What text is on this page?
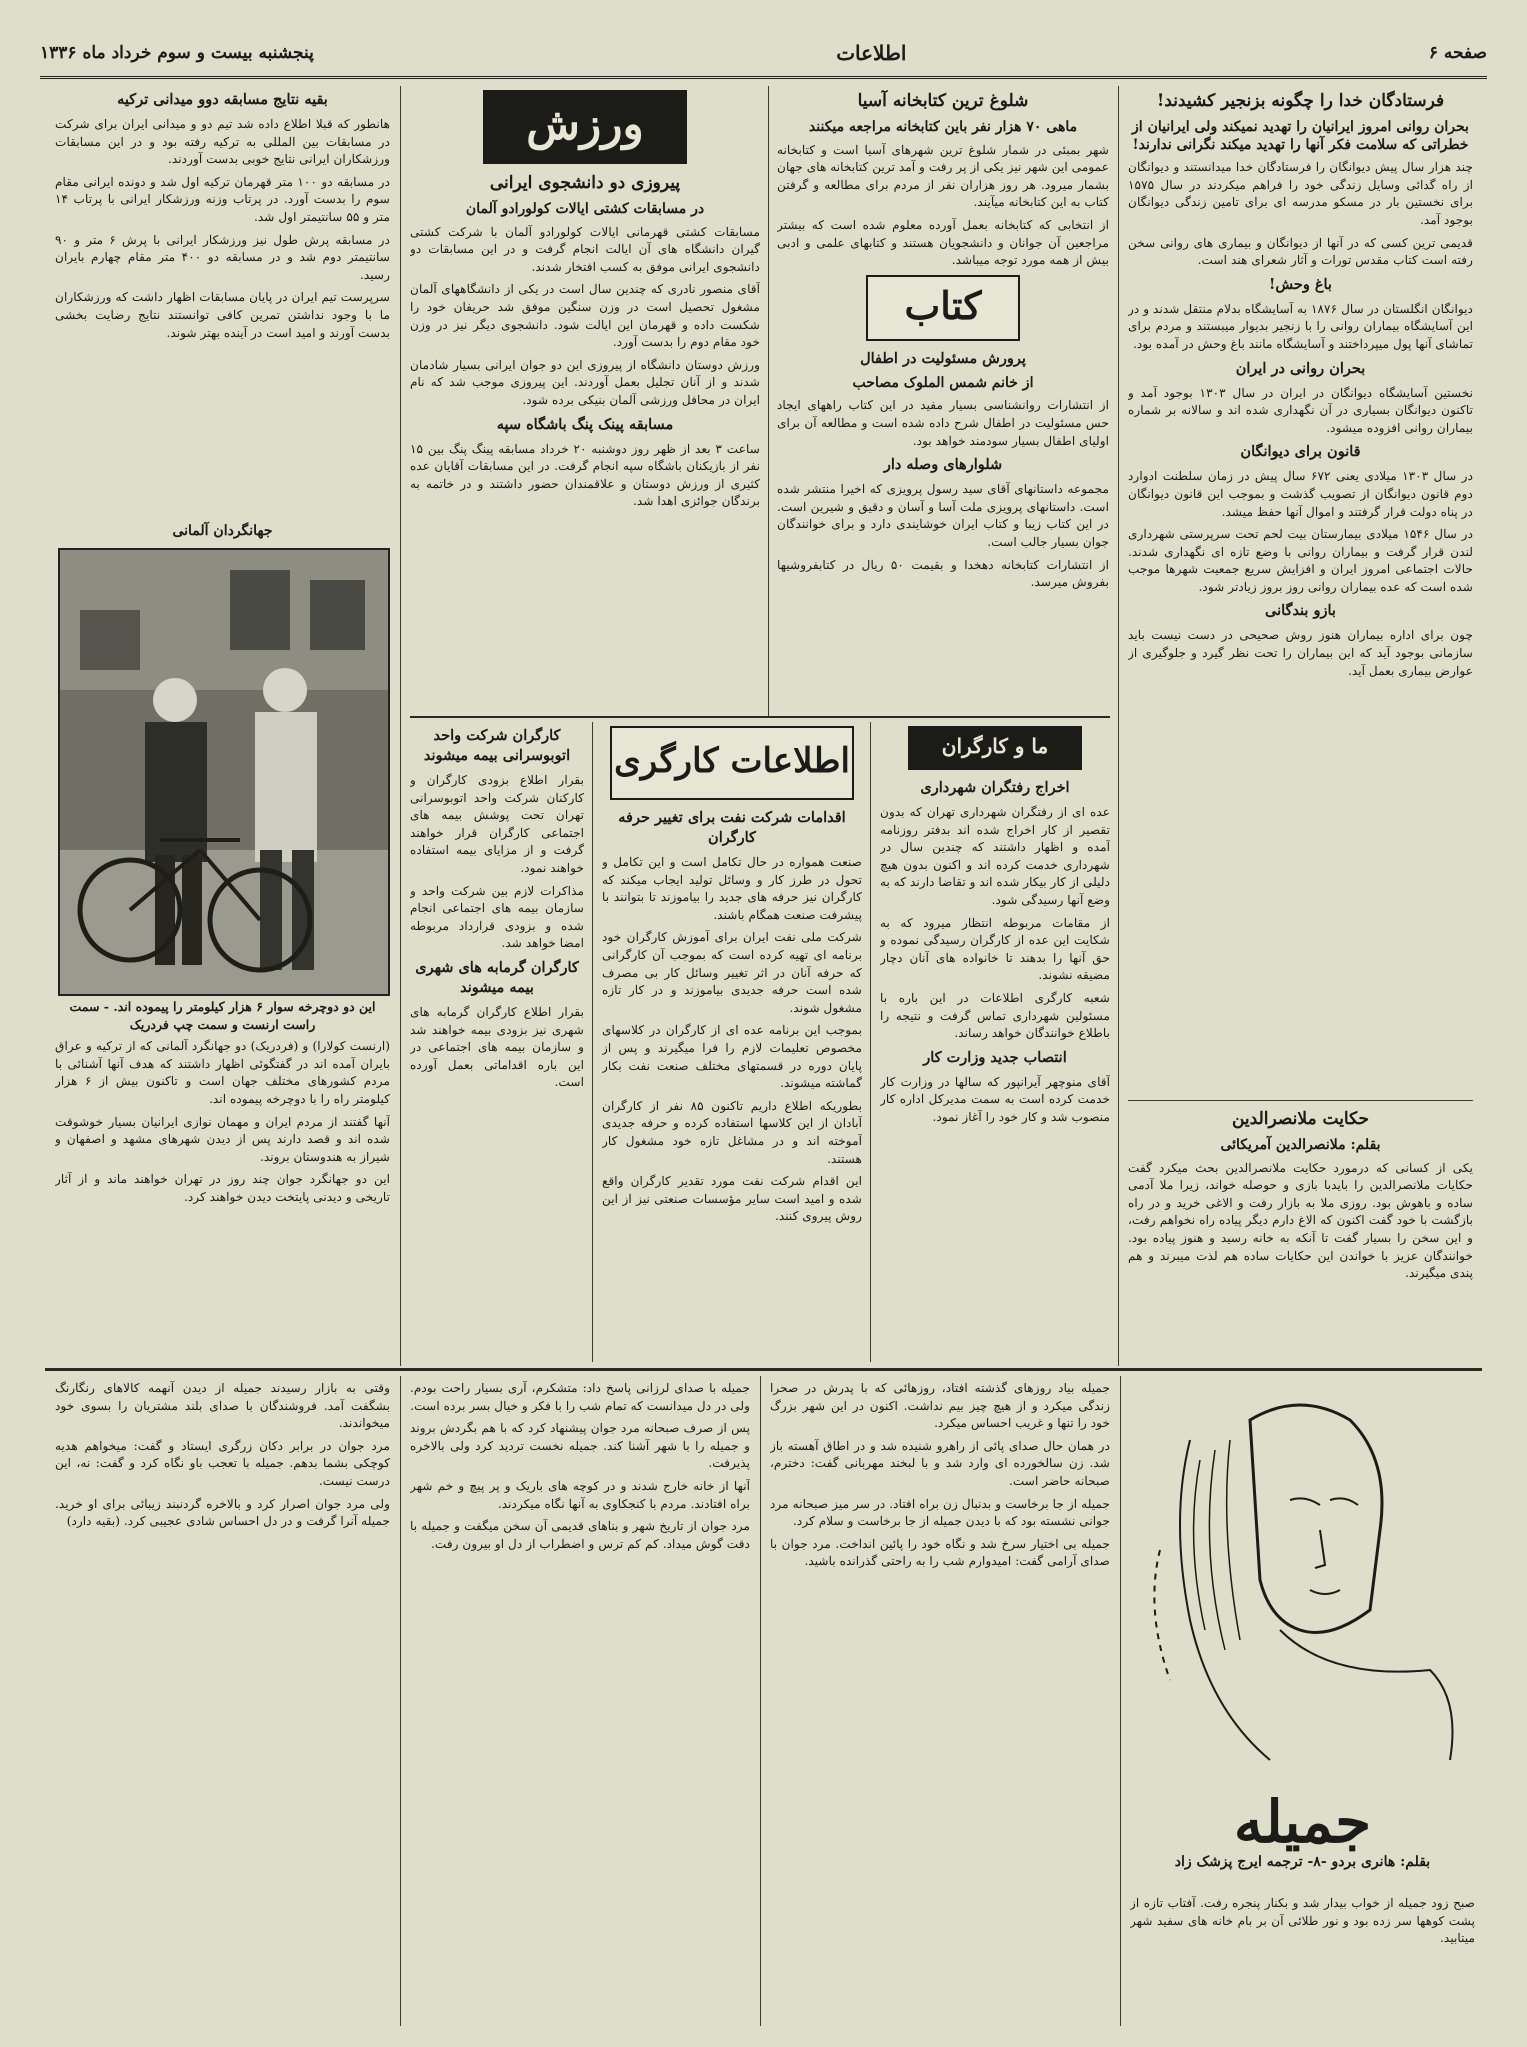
صفحه ۶
اطلاعات
پنجشنبه بیست و سوم خرداد ماه ۱۳۳۶
فرستادگان خدا را چگونه بزنجیر کشیدند!
بحران روانی امروز ایرانیان را تهدید نمیکند ولی ایرانیان از خطراتی که سلامت فکر آنها را تهدید میکند نگرانی ندارند!

چند هزار سال پیش دیوانگان را فرستادگان خدا میدانستند و دیوانگان از راه گدائی وسایل زندگی خود را فراهم میکردند در سال ۱۵۷۵ برای نخستین بار در مسکو مدرسه ای برای تامین زندگی دیوانگان بوجود آمد.

قدیمی ترین کسی که در آنها از دیوانگان و بیماری های روانی سخن رفته است کتاب مقدس تورات و آثار شعرای هند است.

باغ وحش!

دیوانگان انگلستان در سال ۱۸۷۶ به آسایشگاه بدلام منتقل شدند و در این آسایشگاه بیماران روانی را با زنجیر بدیوار میبستند و مردم برای تماشای آنها پول میپرداختند و آسایشگاه مانند باغ وحش در آمده بود.

بحران روانی در ایران

نخستین آسایشگاه دیوانگان در ایران در سال ۱۳۰۳ بوجود آمد و تاکنون دیوانگان بسیاری در آن نگهداری شده اند و سالانه بر شماره بیماران روانی افزوده میشود.

قانون برای دیوانگان

در سال ۱۳۰۳ میلادی یعنی ۶۷۲ سال پیش در زمان سلطنت ادوارد دوم قانون دیوانگان از تصویب گذشت و بموجب این قانون دیوانگان در پناه دولت قرار گرفتند و اموال آنها حفظ میشد.

در سال ۱۵۴۶ میلادی بیمارستان بیت لحم تحت سرپرستی شهرداری لندن قرار گرفت و بیماران روانی با وضع تازه ای نگهداری شدند. حالات اجتماعی امروز ایران و افزایش سریع جمعیت شهرها موجب شده است که عده بیماران روانی روز بروز زیادتر شود.

بازو بندگانی

چون برای اداره بیماران هنوز روش صحیحی در دست نیست باید سازمانی بوجود آید که این بیماران را تحت نظر گیرد و جلوگیری از عوارض بیماری بعمل آید.

حکایت ملانصرالدین
بقلم: ملانصرالدین آمریکائی

یکی از کسانی که درمورد حکایت ملانصرالدین بحث میکرد گفت حکایات ملانصرالدین را بایدبا بازی و حوصله خواند، زیرا ملا آدمی ساده و باهوش بود. روزی ملا به بازار رفت و الاغی خرید و در راه بازگشت با خود گفت اکنون که الاغ دارم دیگر پیاده راه نخواهم رفت، و این سخن را بسیار گفت تا آنکه به خانه رسید و هنوز پیاده بود. خوانندگان عزیز با خواندن این حکایات ساده هم لذت میبرند و هم پندی میگیرند.

شلوغ ترین کتابخانه آسیا
ماهی ۷۰ هزار نفر باین کتابخانه مراجعه میکنند

شهر بمبئی در شمار شلوغ ترین شهرهای آسیا است و کتابخانه عمومی این شهر نیز یکی از پر رفت و آمد ترین کتابخانه های جهان بشمار میرود. هر روز هزاران نفر از مردم برای مطالعه و گرفتن کتاب به این کتابخانه میآیند.

از انتخابی که کتابخانه بعمل آورده معلوم شده است که بیشتر مراجعین آن جوانان و دانشجویان هستند و کتابهای علمی و ادبی بیش از همه مورد توجه میباشد.

کتاب
پرورش مسئولیت در اطفال
از خانم شمس الملوک مصاحب

از انتشارات روانشناسی بسیار مفید در این کتاب راههای ایجاد حس مسئولیت در اطفال شرح داده شده است و مطالعه آن برای اولیای اطفال بسیار سودمند خواهد بود.

شلوارهای وصله دار

مجموعه داستانهای آقای سید رسول پرویزی که اخیرا منتشر شده است. داستانهای پرویزی ملت آسا و آسان و دقیق و شیرین است. در این کتاب زیبا و کتاب ایران خوشایندی دارد و برای خوانندگان جوان بسیار جالب است.

از انتشارات کتابخانه دهخدا و بقیمت ۵۰ ریال در کتابفروشیها بفروش میرسد.

ورزش
پیروزی دو دانشجوی ایرانی
در مسابقات کشتی ایالات کولورادو آلمان

مسابقات کشتی قهرمانی ایالات کولورادو آلمان با شرکت کشتی گیران دانشگاه های آن ایالت انجام گرفت و در این مسابقات دو دانشجوی ایرانی موفق به کسب افتخار شدند.

آقای منصور نادری که چندین سال است در یکی از دانشگاههای آلمان مشغول تحصیل است در وزن سنگین موفق شد حریفان خود را شکست داده و قهرمان این ایالت شود. دانشجوی دیگر نیز در وزن خود مقام دوم را بدست آورد.

ورزش دوستان دانشگاه از پیروزی این دو جوان ایرانی بسیار شادمان شدند و از آنان تجلیل بعمل آوردند. این پیروزی موجب شد که نام ایران در محافل ورزشی آلمان بنیکی برده شود.

مسابقه پینک پنگ باشگاه سپه

ساعت ۳ بعد از ظهر روز دوشنبه ۲۰ خرداد مسابقه پینگ پنگ بین ۱۵ نفر از بازیکنان باشگاه سپه انجام گرفت. در این مسابقات آقایان عده کثیری از ورزش دوستان و علاقمندان حضور داشتند و در خاتمه به برندگان جوائزی اهدا شد.

بقیه نتایج مسابقه دوو میدانی ترکیه

هانطور که قبلا اطلاع داده شد تیم دو و میدانی ایران برای شرکت در مسابقات بین المللی به ترکیه رفته بود و در این مسابقات ورزشکاران ایرانی نتایج خوبی بدست آوردند.

در مسابقه دو ۱۰۰ متر قهرمان ترکیه اول شد و دونده ایرانی مقام سوم را بدست آورد. در پرتاب وزنه ورزشکار ایرانی با پرتاب ۱۴ متر و ۵۵ سانتیمتر اول شد.

در مسابقه پرش طول نیز ورزشکار ایرانی با پرش ۶ متر و ۹۰ سانتیمتر دوم شد و در مسابقه دو ۴۰۰ متر مقام چهارم بایران رسید.

سرپرست تیم ایران در پایان مسابقات اظهار داشت که ورزشکاران ما با وجود نداشتن تمرین کافی توانستند نتایج رضایت بخشی بدست آورند و امید است در آینده بهتر شوند.

جهانگردان آلمانی
این دو دوچرخه سوار ۶ هزار کیلومتر را پیموده اند. - سمت راست ارنست و سمت چپ فردریک

(ارنست کولارا) و (فردریک) دو جهانگرد آلمانی که از ترکیه و عراق بایران آمده اند در گفتگوئی اظهار داشتند که هدف آنها آشنائی با مردم کشورهای مختلف جهان است و تاکنون بیش از ۶ هزار کیلومتر راه را با دوچرخه پیموده اند.

آنها گفتند از مردم ایران و مهمان نوازی ایرانیان بسیار خوشوقت شده اند و قصد دارند پس از دیدن شهرهای مشهد و اصفهان و شیراز به هندوستان بروند.

این دو جهانگرد جوان چند روز در تهران خواهند ماند و از آثار تاریخی و دیدنی پایتخت دیدن خواهند کرد.

ما و کارگران
اخراج رفتگران شهرداری

عده ای از رفتگران شهرداری تهران که بدون تقصیر از کار اخراج شده اند بدفتر روزنامه آمده و اظهار داشتند که چندین سال در شهرداری خدمت کرده اند و اکنون بدون هیچ دلیلی از کار بیکار شده اند و تقاضا دارند که به وضع آنها رسیدگی شود.

از مقامات مربوطه انتظار میرود که به شکایت این عده از کارگران رسیدگی نموده و حق آنها را بدهند تا خانواده های آنان دچار مضیقه نشوند.

شعبه کارگری اطلاعات در این باره با مسئولین شهرداری تماس گرفت و نتیجه را باطلاع خوانندگان خواهد رساند.

انتصاب جدید وزارت کار

آقای منوچهر آیرانپور که سالها در وزارت کار خدمت کرده است به سمت مدیرکل اداره کار منصوب شد و کار خود را آغاز نمود.

اطلاعات کارگری
اقدامات شرکت نفت برای تغییر حرفه کارگران

صنعت همواره در حال تکامل است و این تکامل و تحول در طرز کار و وسائل تولید ایجاب میکند که کارگران نیز حرفه های جدید را بیاموزند تا بتوانند با پیشرفت صنعت همگام باشند.

شرکت ملی نفت ایران برای آموزش کارگران خود برنامه ای تهیه کرده است که بموجب آن کارگرانی که حرفه آنان در اثر تغییر وسائل کار بی مصرف شده است حرفه جدیدی بیاموزند و در کار تازه مشغول شوند.

بموجب این برنامه عده ای از کارگران در کلاسهای مخصوص تعلیمات لازم را فرا میگیرند و پس از پایان دوره در قسمتهای مختلف صنعت نفت بکار گماشته میشوند.

بطوریکه اطلاع داریم تاکنون ۸۵ نفر از کارگران آبادان از این کلاسها استفاده کرده و حرفه جدیدی آموخته اند و در مشاغل تازه خود مشغول کار هستند.

این اقدام شرکت نفت مورد تقدیر کارگران واقع شده و امید است سایر مؤسسات صنعتی نیز از این روش پیروی کنند.

کارگران شرکت واحد اتوبوسرانی بیمه میشوند

بقرار اطلاع بزودی کارگران و کارکنان شرکت واحد اتوبوسرانی تهران تحت پوشش بیمه های اجتماعی کارگران قرار خواهند گرفت و از مزایای بیمه استفاده خواهند نمود.

مذاکرات لازم بین شرکت واحد و سازمان بیمه های اجتماعی انجام شده و بزودی قرارداد مربوطه امضا خواهد شد.

کارگران گرمابه های شهری بیمه میشوند

بقرار اطلاع کارگران گرمابه های شهری نیز بزودی بیمه خواهند شد و سازمان بیمه های اجتماعی در این باره اقداماتی بعمل آورده است.

جمیله
بقلم: هانری بردو -۸- ترجمه ایرج پزشک زاد

صبح زود جمیله از خواب بیدار شد و بکنار پنجره رفت. آفتاب تازه از پشت کوهها سر زده بود و نور طلائی آن بر بام خانه های سفید شهر میتابید.

جمیله بیاد روزهای گذشته افتاد، روزهائی که با پدرش در صحرا زندگی میکرد و از هیچ چیز بیم نداشت. اکنون در این شهر بزرگ خود را تنها و غریب احساس میکرد.

در همان حال صدای پائی از راهرو شنیده شد و در اطاق آهسته باز شد. زن سالخورده ای وارد شد و با لبخند مهربانی گفت: دخترم، صبحانه حاضر است.

جمیله از جا برخاست و بدنبال زن براه افتاد. در سر میز صبحانه مرد جوانی نشسته بود که با دیدن جمیله از جا برخاست و سلام کرد.

جمیله بی اختیار سرخ شد و نگاه خود را پائین انداخت. مرد جوان با صدای آرامی گفت: امیدوارم شب را به راحتی گذرانده باشید.

جمیله با صدای لرزانی پاسخ داد: متشکرم، آری بسیار راحت بودم. ولی در دل میدانست که تمام شب را با فکر و خیال بسر برده است.

پس از صرف صبحانه مرد جوان پیشنهاد کرد که با هم بگردش بروند و جمیله را با شهر آشنا کند. جمیله نخست تردید کرد ولی بالاخره پذیرفت.

آنها از خانه خارج شدند و در کوچه های باریک و پر پیچ و خم شهر براه افتادند. مردم با کنجکاوی به آنها نگاه میکردند.

مرد جوان از تاریخ شهر و بناهای قدیمی آن سخن میگفت و جمیله با دقت گوش میداد. کم کم ترس و اضطراب از دل او بیرون رفت.

وقتی به بازار رسیدند جمیله از دیدن آنهمه کالاهای رنگارنگ بشگفت آمد. فروشندگان با صدای بلند مشتریان را بسوی خود میخواندند.

مرد جوان در برابر دکان زرگری ایستاد و گفت: میخواهم هدیه کوچکی بشما بدهم. جمیله با تعجب باو نگاه کرد و گفت: نه، این درست نیست.

ولی مرد جوان اصرار کرد و بالاخره گردنبند زیبائی برای او خرید. جمیله آنرا گرفت و در دل احساس شادی عجیبی کرد. (بقیه دارد)
